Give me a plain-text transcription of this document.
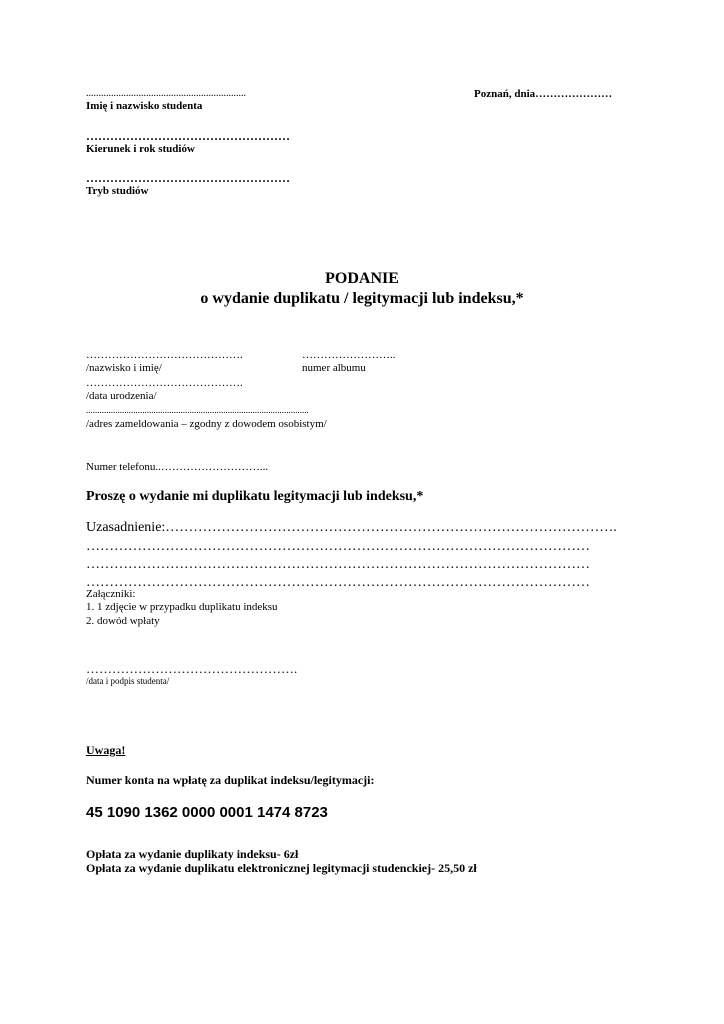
................................................................
Imię i nazwisko studenta
……………………………………………
Kierunek i rok studiów
……………………………………………
Tryb studiów
Poznań, dnia…………………
PODANIE
o wydanie duplikatu / legitymacji lub indeksu,*
…………………………………….	……………………..
/nazwisko i imię/	numer albumu
…………………………………….
/data urodzenia/
...................................................................................................
/adres zameldowania – zgodny z dowodem osobistym/
Numer telefonu..………………………...
Proszę o wydanie mi duplikatu legitymacji lub indeksu,*
Uzasadnienie:…………………………………………………………………………………….
………………………………………………………………………………………………
………………………………………………………………………………………………
………………………………………………………………………………………………
Załączniki:
1. 1 zdjęcie w przypadku duplikatu indeksu
2. dowód wpłaty
………………………………………….
/data i podpis studenta/
Uwaga!
Numer konta na wpłatę za duplikat indeksu/legitymacji:
45 1090 1362 0000 0001 1474 8723
Opłata za wydanie duplikaty indeksu- 6zł
Opłata za wydanie duplikatu elektronicznej legitymacji studenckiej- 25,50 zł
